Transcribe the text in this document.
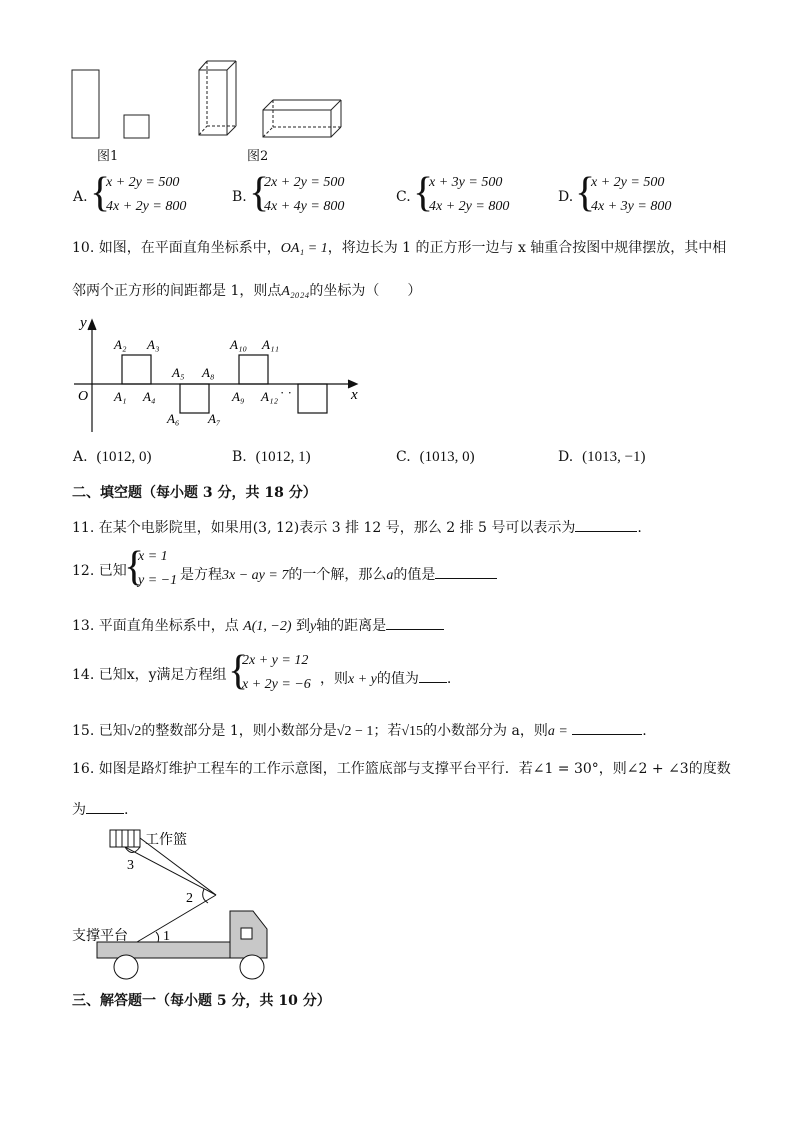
图1	图2
A. {
x + 2y = 500
4x + 2y = 800
B. {
2x + 2y = 500
4x + 4y = 800
C. {
x + 3y = 500
4x + 2y = 800
D. {
x + 2y = 500
4x + 3y = 800
10. 如图，在平面直角坐标系中，OA₁ = 1，将边长为 1 的正方形一边与 x 轴重合按图中规律摆放，其中相
邻两个正方形的间距都是 1，则点A₂₀₂₄的坐标为（　　）
y
x
O A₁
A₂ A₃
A₄
A₅
A₆ A₇
A₈
A₉
A₁₀ A₁₁
A₁₂ · ·
A. (1012, 0)	B. (1012, 1)	C. (1013, 0)	D. (1013, −1)
二、填空题（每小题 3 分，共 18 分）
11. 在某个电影院里，如果用(3, 12)表示 3 排 12 号，那么 2 排 5 号可以表示为	.
12. 已知
{
x = 1
y = −1 是方程3x − ay = 7的一个解，那么a的值是
13. 平面直角坐标系中，点 A(1, −2) 到y轴的距离是
14. 已知x，y满足方程组 {
2x + y = 12
x + 2y = −6 ，则x + y的值为 .
15. 已知√2的整数部分是 1，则小数部分是√2 − 1；若√15的小数部分为 a，则a =	.
16. 如图是路灯维护工程车的工作示意图，工作篮底部与支撑平台平行．若∠1 = 30°，则∠2 + ∠3的度数
为	.
工作篮
支撑平台	1
2
3
三、解答题一（每小题 5 分，共 10 分）
